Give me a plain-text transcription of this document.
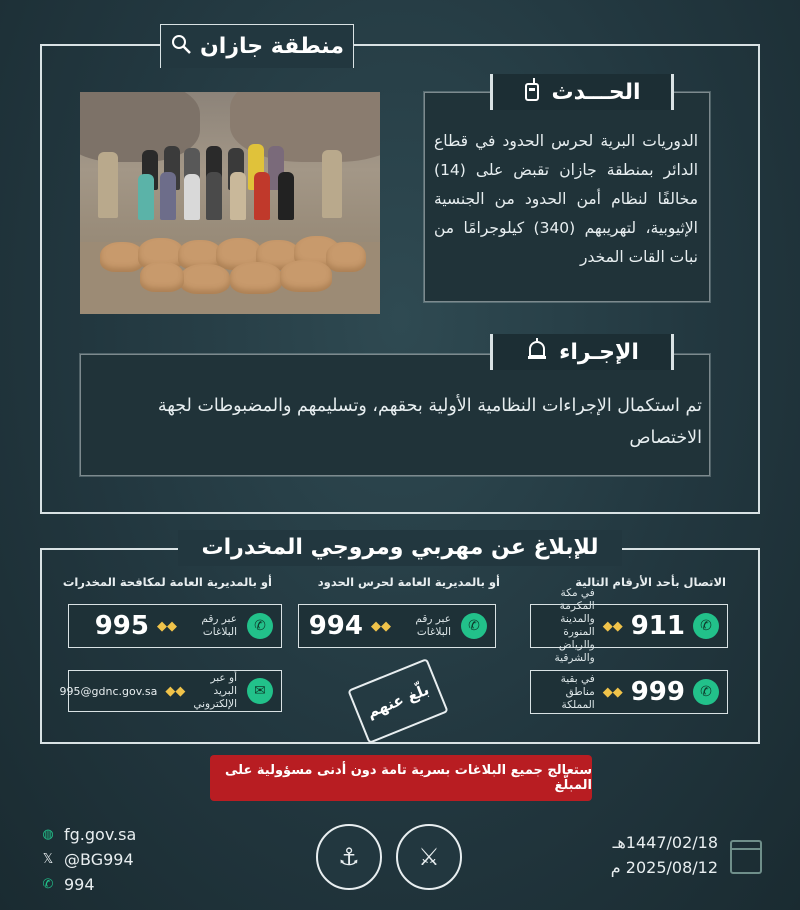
منطقة جازان
الحـــدث
الدوريات البرية لحرس الحدود في قطاع الدائر بمنطقة جازان تقبض على (14) مخالفًا لنظام أمن الحدود من الجنسية الإثيوبية، لتهريبهم (340) كيلوجرامًا من نبات القات المخدر
الإجـراء
تم استكمال الإجراءات النظامية الأولية بحقهم، وتسليمهم والمضبوطات لجهة الاختصاص
للإبلاغ عن مهربي ومروجي المخدرات
الاتصال بأحد الأرقام التالية
أو بالمديرية العامة لحرس الحدود
أو بالمديرية العامة لمكافحة المخدرات
✆
911
◆◆
في مكة المكرمة والمدينة المنورة والرياض والشرقية
✆
999
◆◆
في بقية مناطق المملكة
✆
عبر رقم البلاغات
◆◆
994
بلّغ عنهم
✆
عبر رقم البلاغات
◆◆
995
✉
أو عبر البريد الإلكتروني
◆◆
995@gdnc.gov.sa
ستعالج جميع البلاغات بسرية تامة دون أدنى مسؤولية على المبلّغ
◍ fg.gov.sa
𝕏 @BG994
✆ 994
⚓	⚔
1447/02/18هـ
2025/08/12 م
